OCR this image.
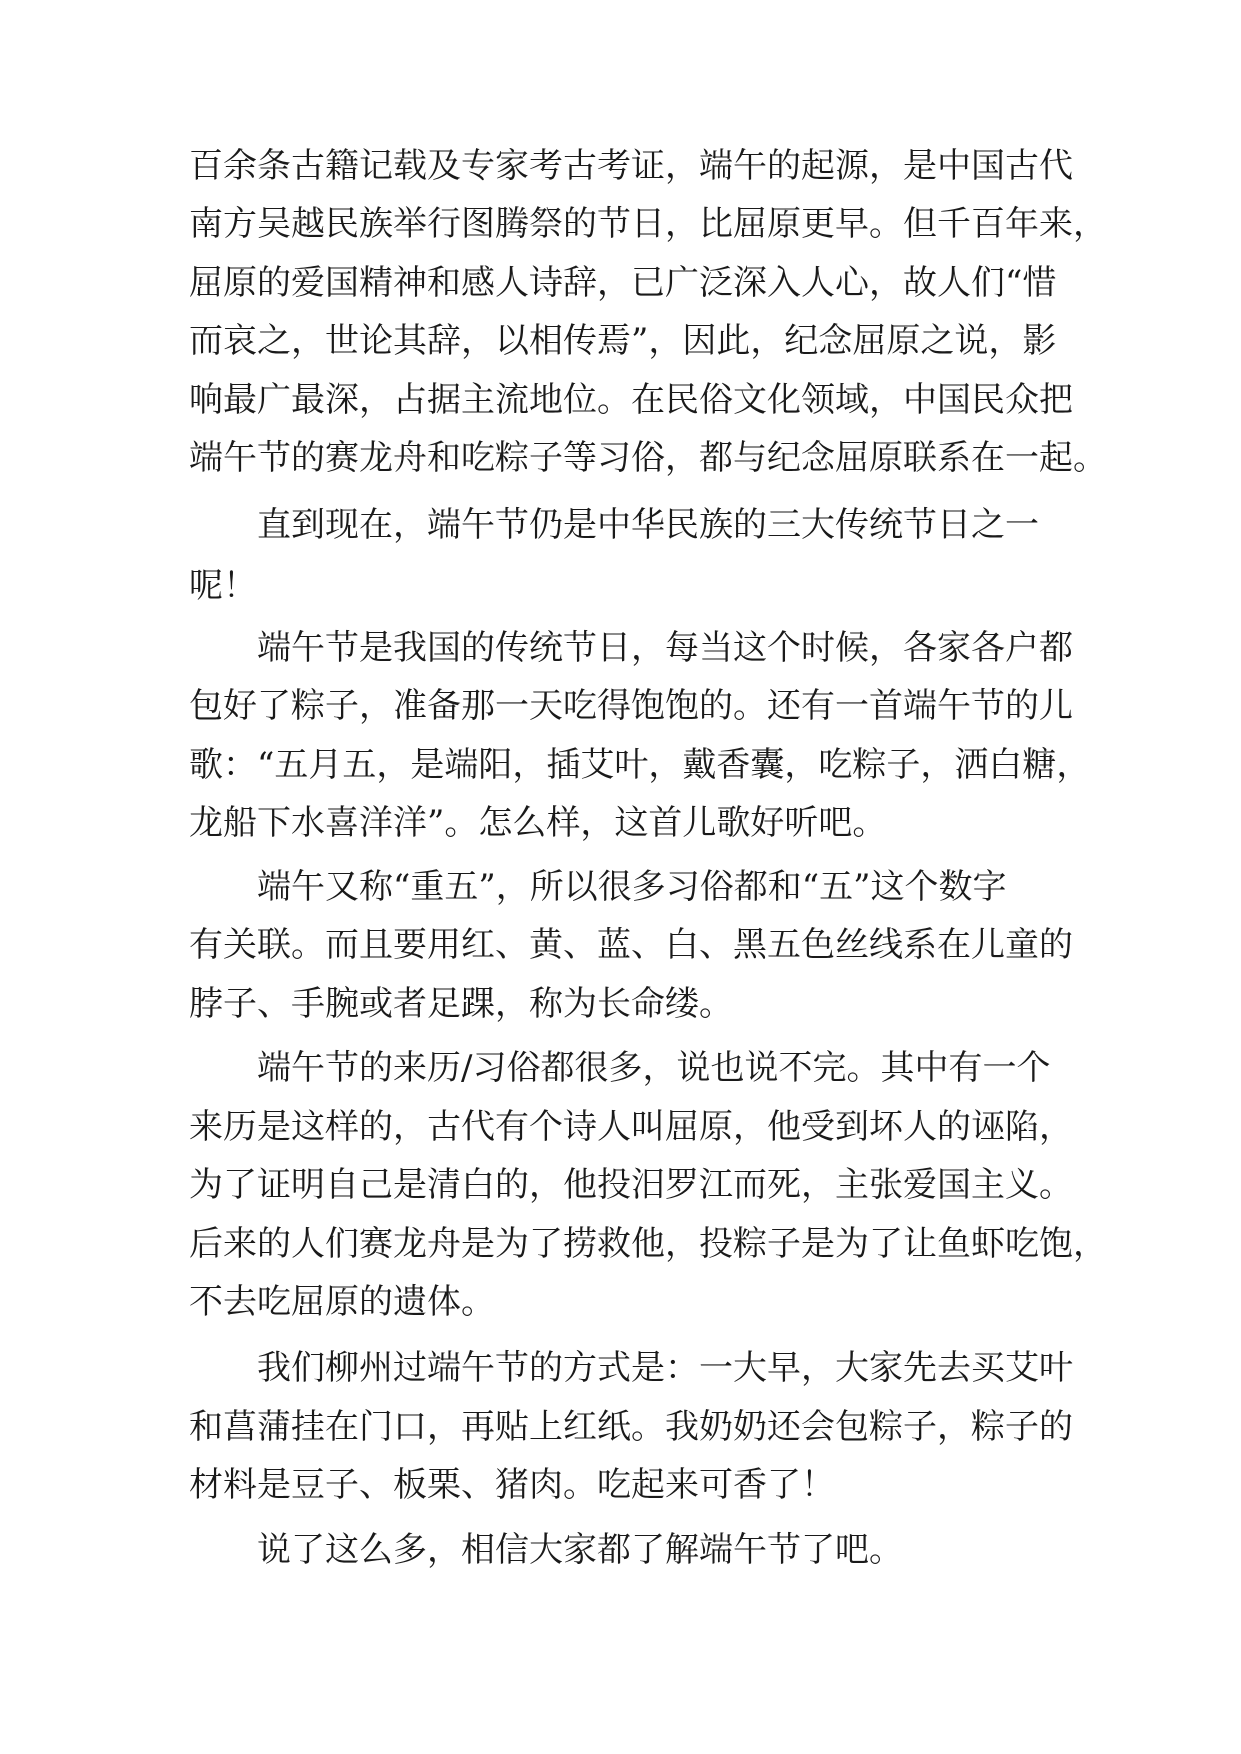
百余条古籍记载及专家考古考证，端午的起源，是中国古代
南方吴越民族举行图腾祭的节日，比屈原更早。但千百年来，
屈原的爱国精神和感人诗辞，已广泛深入人心，故人们“惜
而哀之，世论其辞，以相传焉”，因此，纪念屈原之说，影
响最广最深，占据主流地位。在民俗文化领域，中国民众把
端午节的赛龙舟和吃粽子等习俗，都与纪念屈原联系在一起。
　　直到现在，端午节仍是中华民族的三大传统节日之一
呢！
　　端午节是我国的传统节日，每当这个时候，各家各户都
包好了粽子，准备那一天吃得饱饱的。还有一首端午节的儿
歌：“五月五，是端阳，插艾叶，戴香囊，吃粽子，洒白糖，
龙船下水喜洋洋”。怎么样，这首儿歌好听吧。
　　端午又称“重五”，所以很多习俗都和“五”这个数字
有关联。而且要用红、黄、蓝、白、黑五色丝线系在儿童的
脖子、手腕或者足踝，称为长命缕。
　　端午节的来历/习俗都很多，说也说不完。其中有一个
来历是这样的，古代有个诗人叫屈原，他受到坏人的诬陷，
为了证明自己是清白的，他投汨罗江而死，主张爱国主义。
后来的人们赛龙舟是为了捞救他，投粽子是为了让鱼虾吃饱，
不去吃屈原的遗体。
　　我们柳州过端午节的方式是：一大早，大家先去买艾叶
和菖蒲挂在门口，再贴上红纸。我奶奶还会包粽子，粽子的
材料是豆子、板栗、猪肉。吃起来可香了！
　　说了这么多，相信大家都了解端午节了吧。
